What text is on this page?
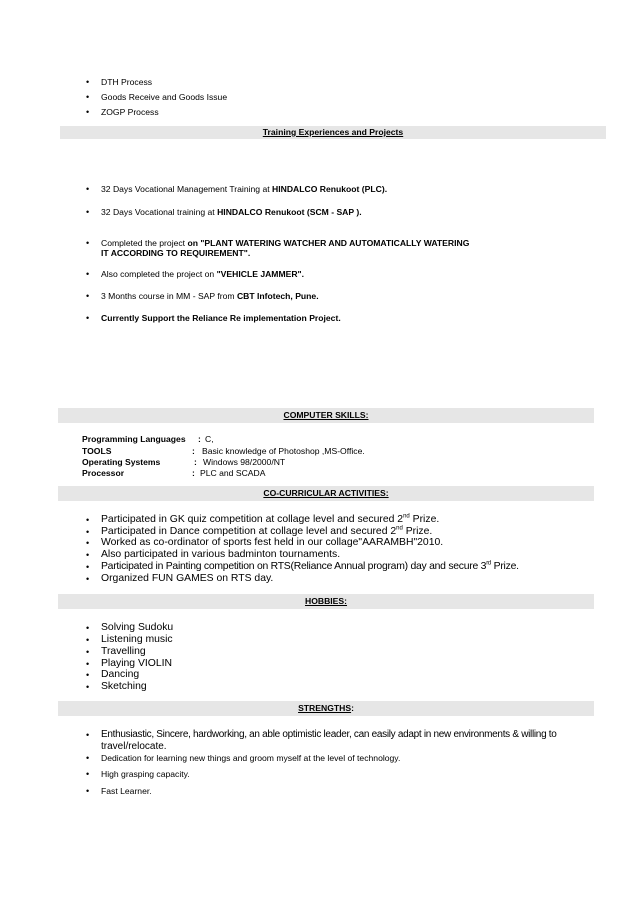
• DTH Process
• Goods Receive and Goods Issue
• ZOGP Process
Training Experiences and Projects
• 32 Days Vocational Management Training at HINDALCO Renukoot (PLC).
• 32 Days Vocational training at HINDALCO Renukoot (SCM - SAP ).
• Completed the project on "PLANT WATERING WATCHER AND AUTOMATICALLY WATERING
IT ACCORDING TO REQUIREMENT".
• Also completed the project on "VEHICLE JAMMER".
• 3 Months course in MM - SAP from CBT Infotech, Pune.
• Currently Support the Reliance Re implementation Project.
COMPUTER SKILLS:
Programming Languages : C,
TOOLS	: Basic knowledge of Photoshop ,MS-Office.
Operating Systems	: Windows 98/2000/NT
Processor	: PLC and SCADA
CO-CURRICULAR ACTIVITIES:
• Participated in GK quiz competition at collage level and secured 2nd Prize.
• Participated in Dance competition at collage level and secured 2nd Prize.
• Worked as co-ordinator of sports fest held in our collage"AARAMBH"2010.
• Also participated in various badminton tournaments.
• Participated in Painting competition on RTS(Reliance Annual program) day and secure 3rd Prize.
• Organized FUN GAMES on RTS day.
HOBBIES:
• Solving Sudoku
• Listening music
• Travelling
• Playing VIOLIN
• Dancing
• Sketching
STRENGTHS:
• Enthusiastic, Sincere, hardworking, an able optimistic leader, can easily adapt in new environments & willing to
travel/relocate.
• Dedication for learning new things and groom myself at the level of technology.
• High grasping capacity.
• Fast Learner.
